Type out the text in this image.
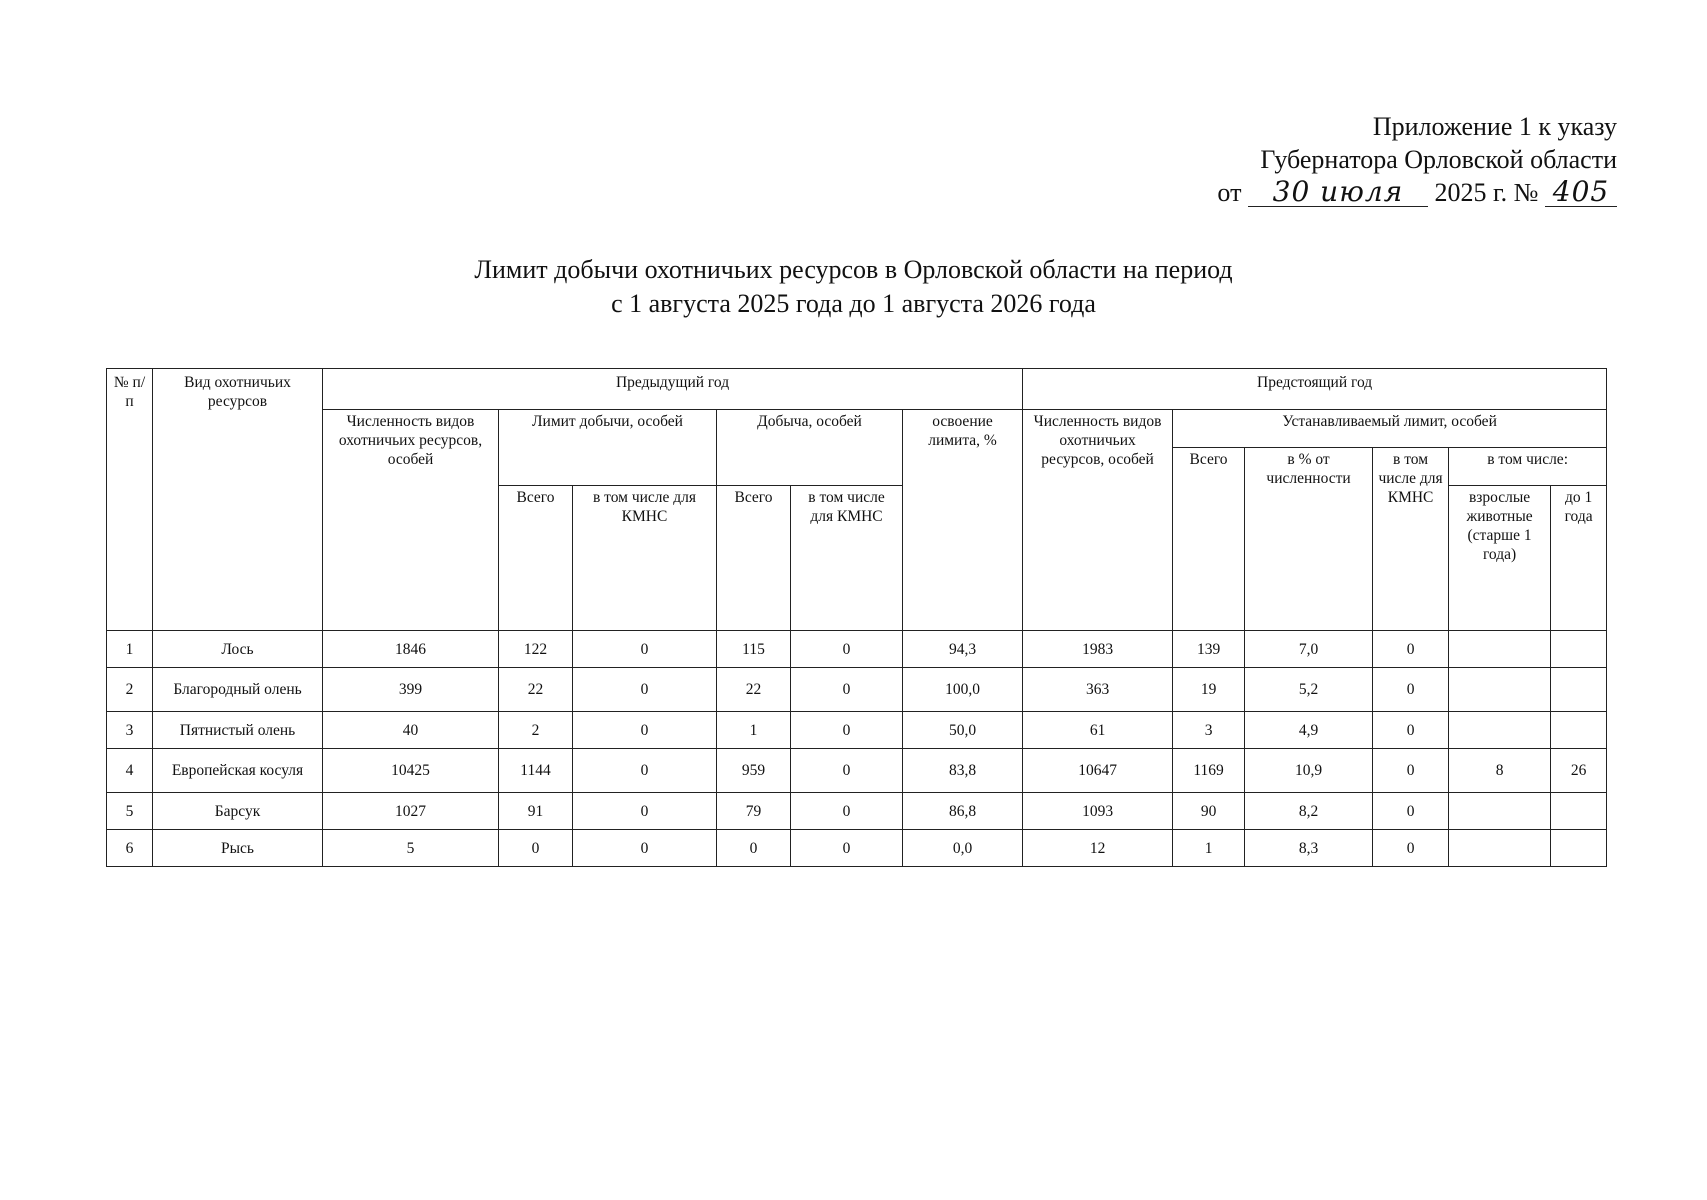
Приложение 1 к указу
Губернатора Орловской области
от 30 июля 2025 г. № 405
Лимит добычи охотничьих ресурсов в Орловской области на период
с 1 августа 2025 года до 1 августа 2026 года
№ п/п	Вид охотничьих ресурсов	Предыдущий год						Предстоящий год					
		Численность видов охотничьих ресурсов, особей	Лимит добычи, особей		Добыча, особей		освоение лимита, %	Численность видов охотничьих ресурсов, особей	Устанавливаемый лимит, особей				
									Всего	в % от численности	в том числе для КМНС	в том числе:	
			Всего	в том числе для КМНС	Всего	в том числе для КМНС						взрослые животные (старше 1 года)	до 1 года
1	Лось	1846	122	0	115	0	94,3	1983	139	7,0	0		
2	Благородный олень	399	22	0	22	0	100,0	363	19	5,2	0		
3	Пятнистый олень	40	2	0	1	0	50,0	61	3	4,9	0		
4	Европейская косуля	10425	1144	0	959	0	83,8	10647	1169	10,9	0	8	26
5	Барсук	1027	91	0	79	0	86,8	1093	90	8,2	0		
6	Рысь	5	0	0	0	0	0,0	12	1	8,3	0		
